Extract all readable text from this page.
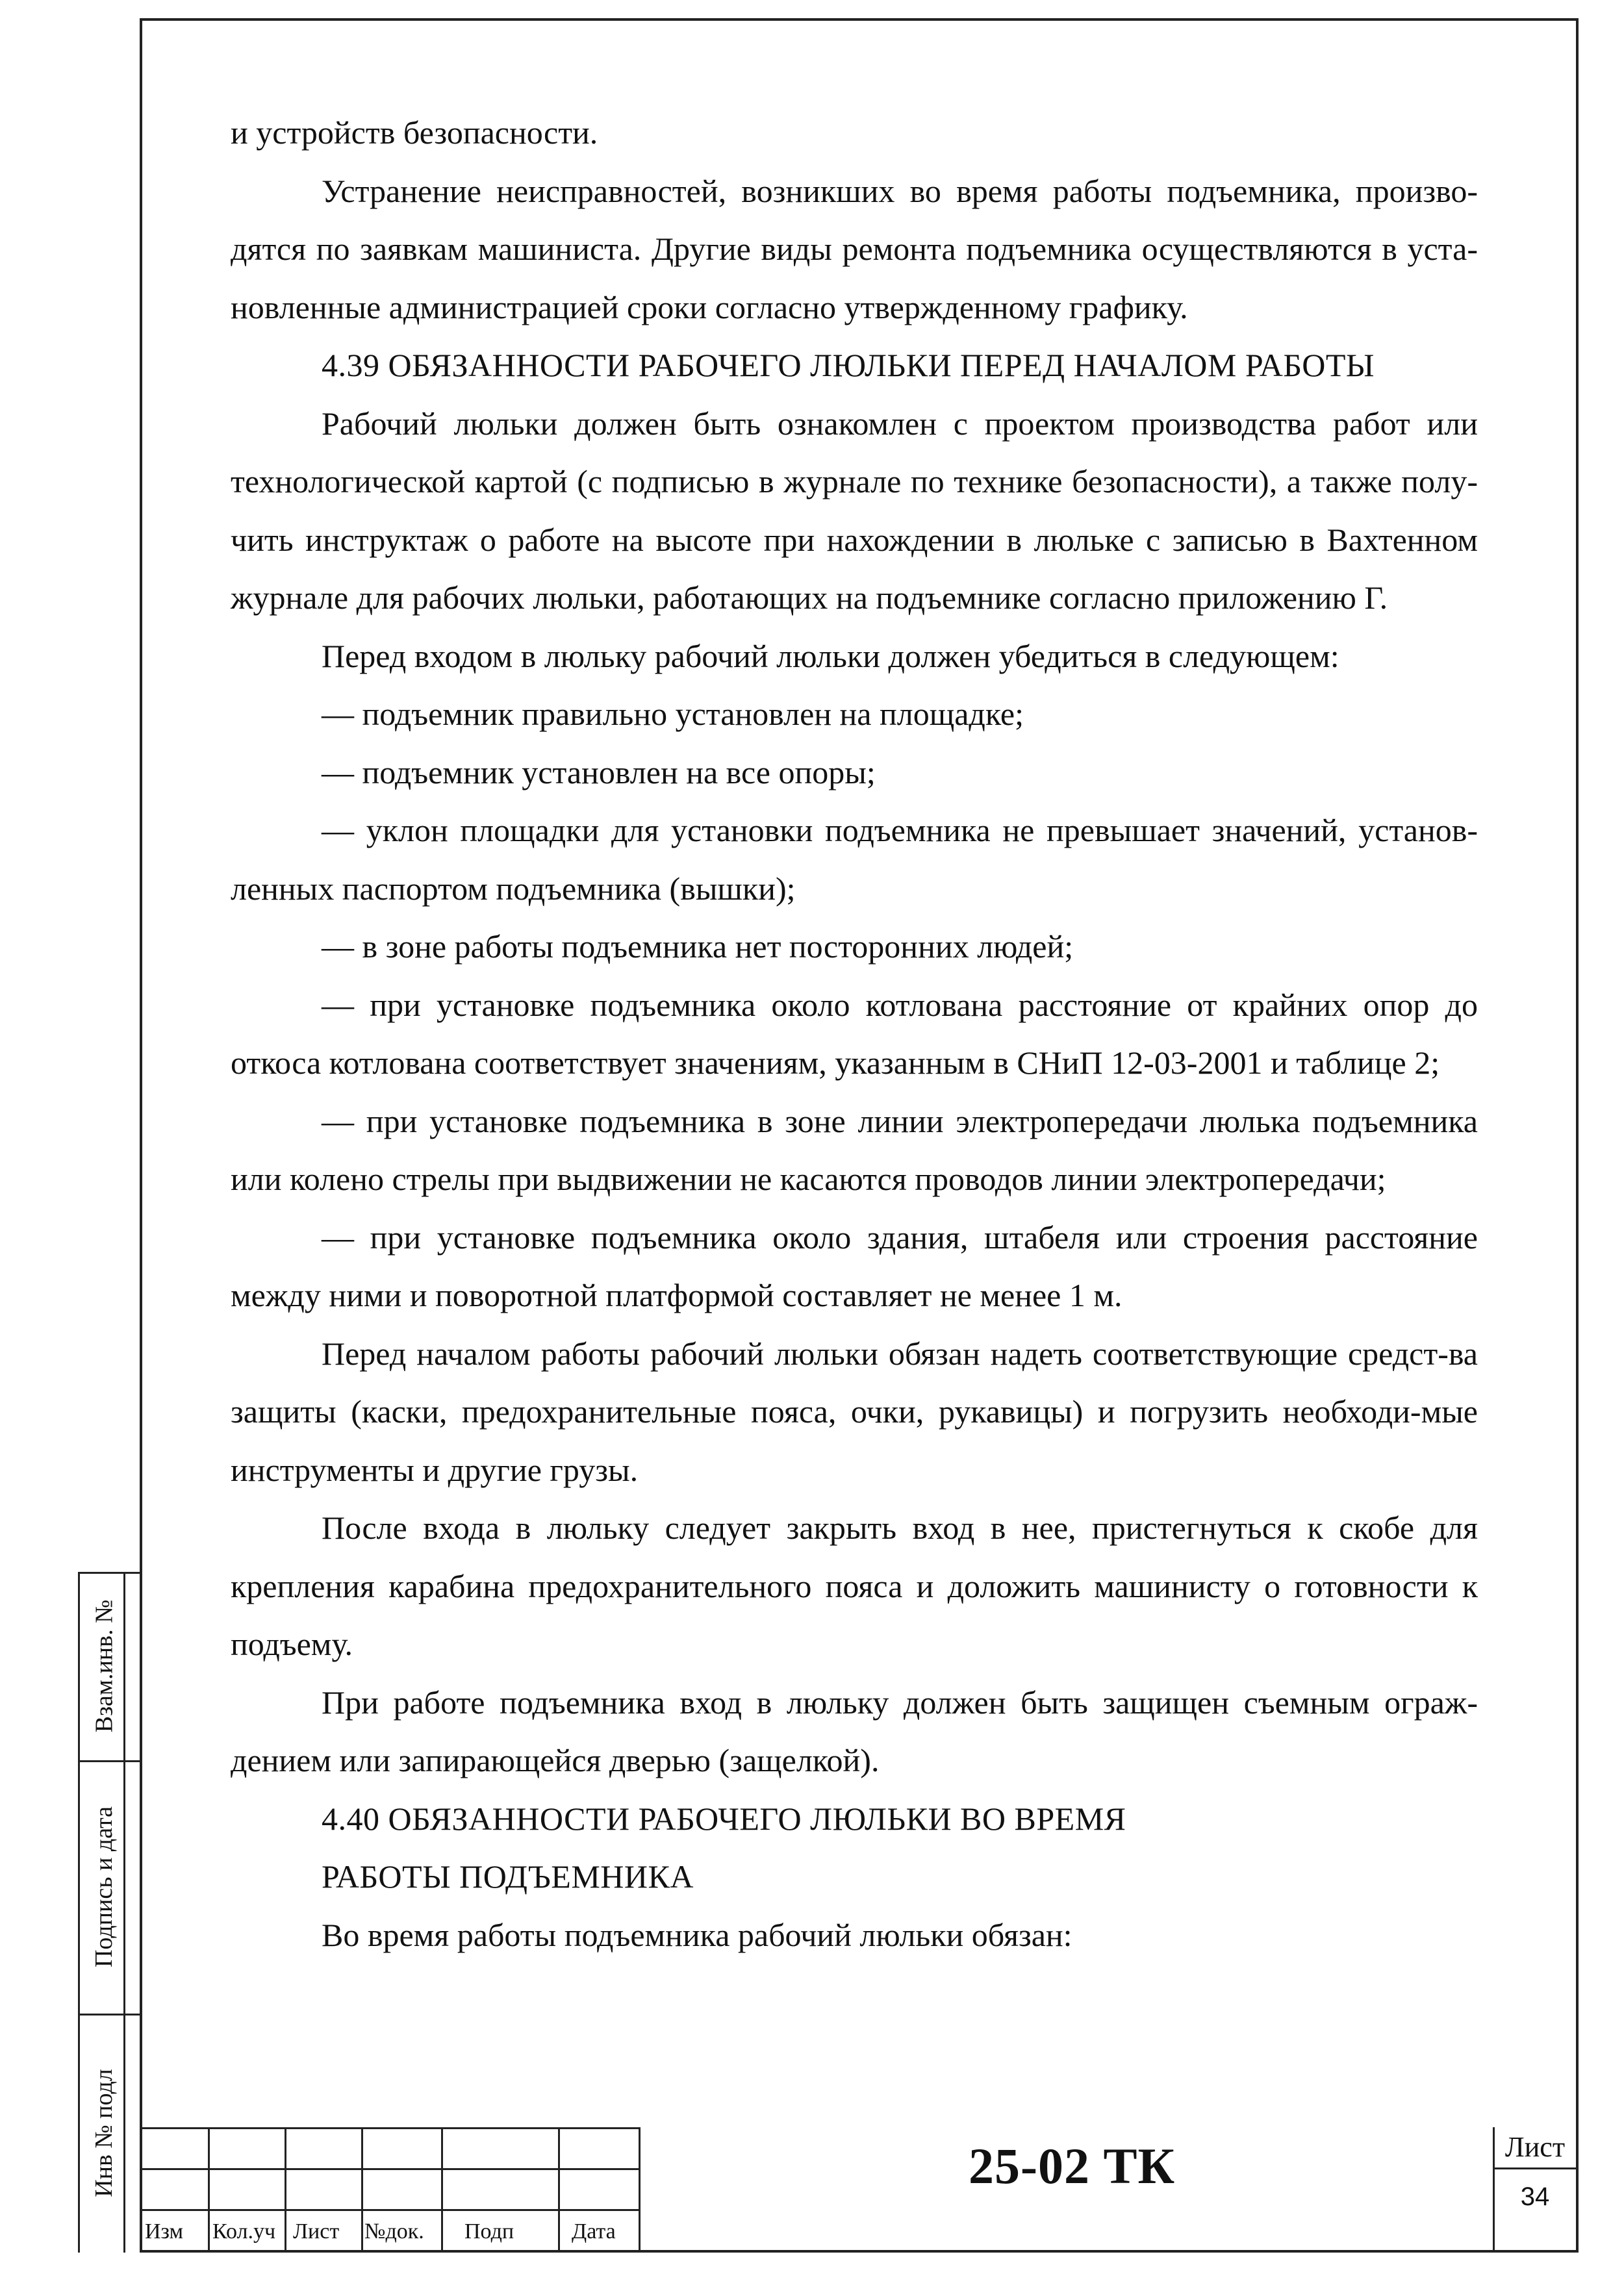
и устройств безопасности.

Устранение неисправностей, возникших во время работы подъемника, произво-дятся по заявкам машиниста. Другие виды ремонта подъемника осуществляются в уста-новленные администрацией сроки согласно утвержденному графику.

4.39 ОБЯЗАННОСТИ РАБОЧЕГО ЛЮЛЬКИ ПЕРЕД НАЧАЛОМ РАБОТЫ

Рабочий люльки должен быть ознакомлен с проектом производства работ или технологической картой (с подписью в журнале по технике безопасности), а также полу-чить инструктаж о работе на высоте при нахождении в люльке с записью в Вахтенном журнале для рабочих люльки, работающих на подъемнике согласно приложению Г.

Перед входом в люльку рабочий люльки должен убедиться в следующем:

— подъемник правильно установлен на площадке;

— подъемник установлен на все опоры;

— уклон площадки для установки подъемника не превышает значений, установ-ленных паспортом подъемника (вышки);

— в зоне работы подъемника нет посторонних людей;

— при установке подъемника около котлована расстояние от крайних опор до откоса котлована соответствует значениям, указанным в СНиП 12-03-2001 и таблице 2;

— при установке подъемника в зоне линии электропередачи люлька подъемника или колено стрелы при выдвижении не касаются проводов линии электропередачи;

— при установке подъемника около здания, штабеля или строения расстояние между ними и поворотной платформой составляет не менее 1 м.

Перед началом работы рабочий люльки обязан надеть соответствующие средст-ва защиты (каски, предохранительные пояса, очки, рукавицы) и погрузить необходи-мые инструменты и другие грузы.

После входа в люльку следует закрыть вход в нее, пристегнуться к скобе для крепления карабина предохранительного пояса и доложить машинисту о готовности к подъему.

При работе подъемника вход в люльку должен быть защищен съемным ограж-дением или запирающейся дверью (защелкой).

4.40 ОБЯЗАННОСТИ РАБОЧЕГО ЛЮЛЬКИ ВО ВРЕМЯ

РАБОТЫ ПОДЪЕМНИКА

Во время работы подъемника рабочий люльки обязан:

Взам.инв. №
Подпись и дата
Инв № подл
Изм Кол.уч Лист №док. Подп	Дата
25-02 ТК	Лист
34
